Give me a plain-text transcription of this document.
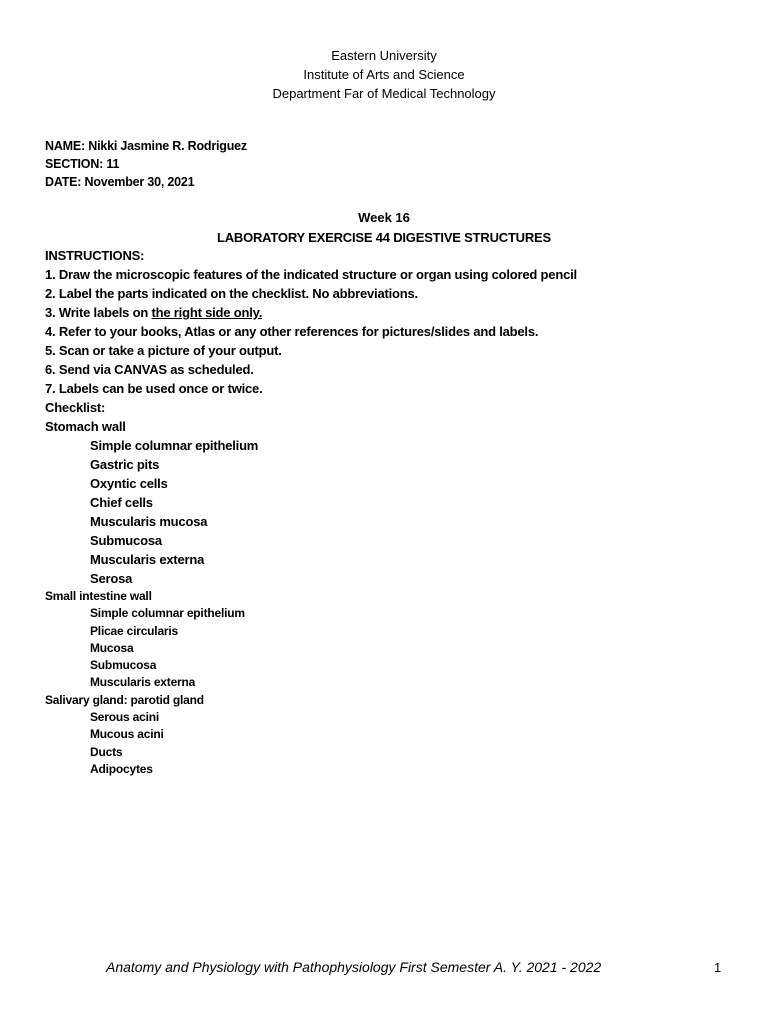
Eastern University
Institute of Arts and Science
Department Far of Medical Technology
NAME: Nikki Jasmine R. Rodriguez
SECTION: 11
DATE: November 30, 2021
Week 16
LABORATORY EXERCISE 44 DIGESTIVE STRUCTURES
INSTRUCTIONS:
1. Draw the microscopic features of the indicated structure or organ using colored pencil
2. Label the parts indicated on the checklist. No abbreviations.
3. Write labels on the right side only.
4. Refer to your books, Atlas or any other references for pictures/slides and labels.
5. Scan or take a picture of your output.
6. Send via CANVAS as scheduled.
7. Labels can be used once or twice.
Checklist:
Stomach wall
Simple columnar epithelium
Gastric pits
Oxyntic cells
Chief cells
Muscularis mucosa
Submucosa
Muscularis externa
Serosa
Small intestine wall
Simple columnar epithelium
Plicae circularis
Mucosa
Submucosa
Muscularis externa
Salivary gland: parotid gland
Serous acini
Mucous acini
Ducts
Adipocytes
Anatomy and Physiology with Pathophysiology First Semester A. Y. 2021 - 2022	1
